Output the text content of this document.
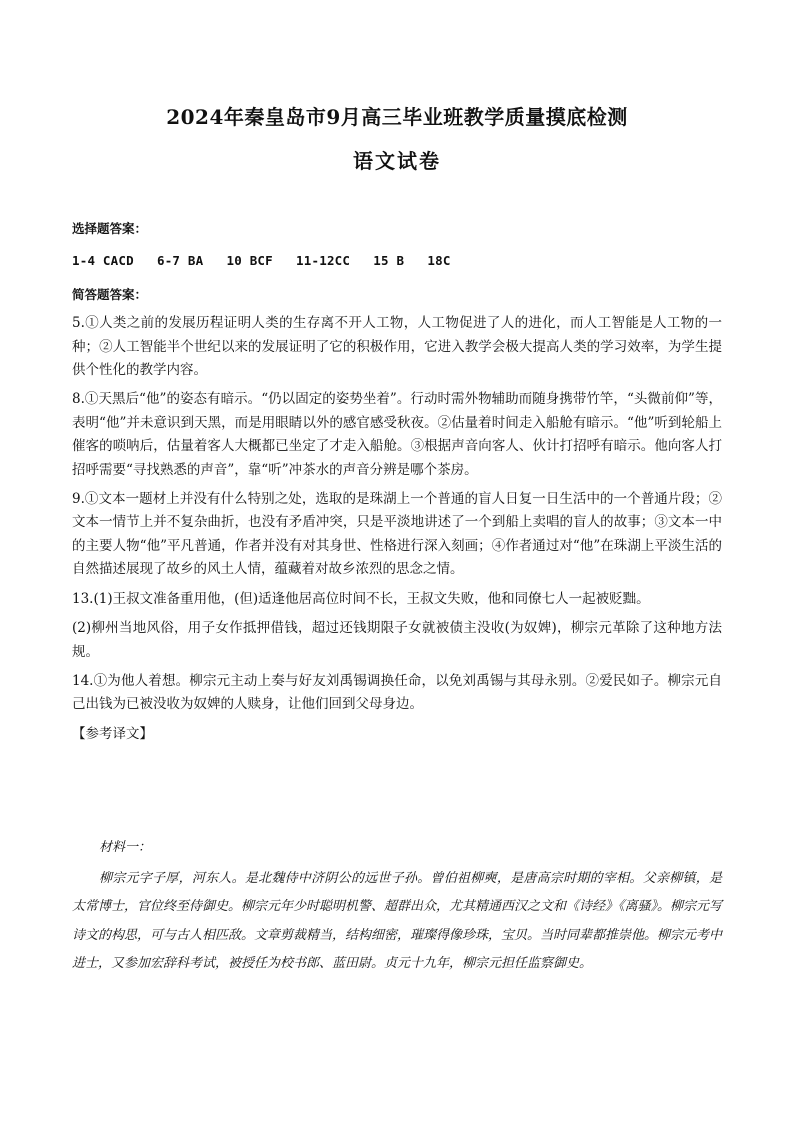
2024年秦皇岛市9月高三毕业班教学质量摸底检测
语文试卷

选择题答案：

1-4 CACD   6-7 BA   10 BCF   11-12CC   15 B   18C

简答题答案：

5.①人类之前的发展历程证明人类的生存离不开人工物，人工物促进了人的进化，而人工智能是人工物的一种；②人工智能半个世纪以来的发展证明了它的积极作用，它进入教学会极大提高人类的学习效率，为学生提供个性化的教学内容。

8.①天黑后“他”的姿态有暗示。“仍以固定的姿势坐着”。行动时需外物辅助而随身携带竹竿，“头微前仰”等，表明“他”并未意识到天黑，而是用眼睛以外的感官感受秋夜。②估量着时间走入船舱有暗示。“他”听到轮船上催客的唢呐后，估量着客人大概都已坐定了才走入船舱。③根据声音向客人、伙计打招呼有暗示。他向客人打招呼需要“寻找熟悉的声音”，靠“听”冲茶水的声音分辨是哪个茶房。

9.①文本一题材上并没有什么特别之处，选取的是珠湖上一个普通的盲人日复一日生活中的一个普通片段；②文本一情节上并不复杂曲折，也没有矛盾冲突，只是平淡地讲述了一个到船上卖唱的盲人的故事；③文本一中的主要人物“他”平凡普通，作者并没有对其身世、性格进行深入刻画；④作者通过对“他”在珠湖上平淡生活的自然描述展现了故乡的风土人情，蕴藏着对故乡浓烈的思念之情。

13.(1)王叔文准备重用他，(但)适逢他居高位时间不长，王叔文失败，他和同僚七人一起被贬黜。

(2)柳州当地风俗，用子女作抵押借钱，超过还钱期限子女就被债主没收(为奴婢)，柳宗元革除了这种地方法规。

14.①为他人着想。柳宗元主动上奏与好友刘禹锡调换任命，以免刘禹锡与其母永别。②爱民如子。柳宗元自己出钱为已被没收为奴婢的人赎身，让他们回到父母身边。

【参考译文】

材料一：

柳宗元字子厚，河东人。是北魏侍中济阴公的远世子孙。曾伯祖柳奭，是唐高宗时期的宰相。父亲柳镇，是太常博士，官位终至侍御史。柳宗元年少时聪明机警、超群出众，尤其精通西汉之文和《诗经》《离骚》。柳宗元写诗文的构思，可与古人相匹敌。文章剪裁精当，结构细密，璀璨得像珍珠，宝贝。当时同辈都推崇他。柳宗元考中进士，又参加宏辞科考试，被授任为校书郎、蓝田尉。贞元十九年，柳宗元担任监察御史。
